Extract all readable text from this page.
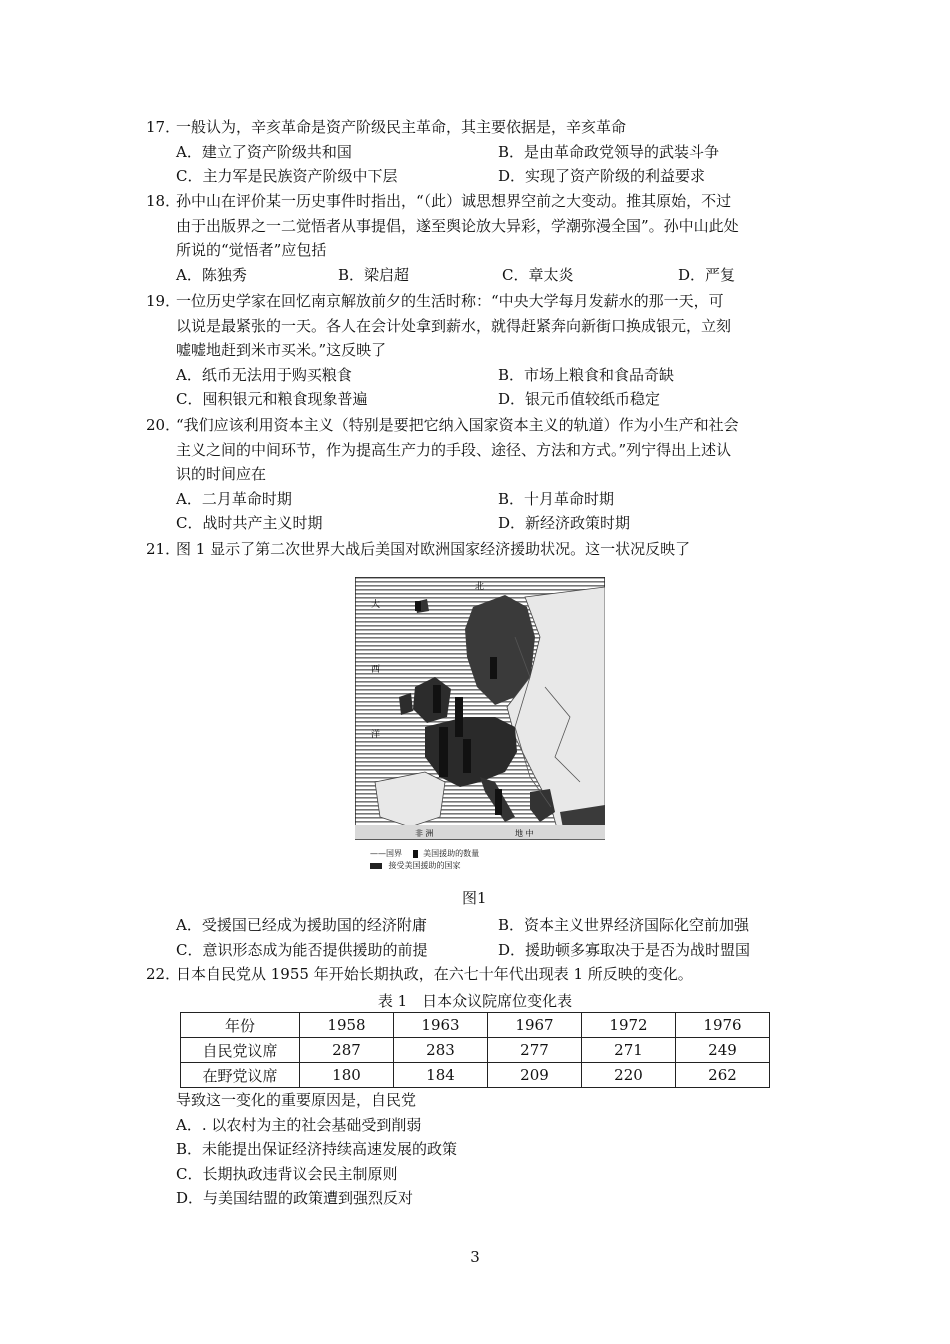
17．一般认为，辛亥革命是资产阶级民主革命，其主要依据是，辛亥革命
A．建立了资产阶级共和国	B．是由革命政党领导的武装斗争
C．主力军是民族资产阶级中下层	D．实现了资产阶级的利益要求
18．孙中山在评价某一历史事件时指出，“（此）诚思想界空前之大变动。推其原始，不过
由于出版界之一二觉悟者从事提倡，遂至舆论放大异彩，学潮弥漫全国”。孙中山此处
所说的“觉悟者”应包括
A．陈独秀	B．梁启超	C．章太炎	D．严复
19．一位历史学家在回忆南京解放前夕的生活时称：“中央大学每月发薪水的那一天，可
以说是最紧张的一天。各人在会计处拿到薪水，就得赶紧奔向新街口换成银元，立刻
嘘嘘地赶到米市买米。”这反映了
A．纸币无法用于购买粮食	B．市场上粮食和食品奇缺
C．囤积银元和粮食现象普遍	D．银元币值较纸币稳定
20．“我们应该利用资本主义（特别是要把它纳入国家资本主义的轨道）作为小生产和社会
主义之间的中间环节，作为提高生产力的手段、途径、方法和方式。”列宁得出上述认
识的时间应在
A．二月革命时期	B．十月革命时期
C．战时共产主义时期	D．新经济政策时期
21．图 1 显示了第二次世界大战后美国对欧洲国家经济援助状况。这一状况反映了
北
大
西
洋
非 洲	地 中
——国界	美国援助的数量
接受美国援助的国家
图1
A．受援国已经成为援助国的经济附庸	B．资本主义世界经济国际化空前加强
C．意识形态成为能否提供援助的前提	D．援助顿多寡取决于是否为战时盟国
22．日本自民党从 1955 年开始长期执政，在六七十年代出现表 1 所反映的变化。
表 1　日本众议院席位变化表
年份	1958	1963	1967	1972	1976
自民党议席	287	283	277	271	249
在野党议席	180	184	209	220	262
导致这一变化的重要原因是，自民党
A．. 以农村为主的社会基础受到削弱
B．未能提出保证经济持续高速发展的政策
C．长期执政违背议会民主制原则
D．与美国结盟的政策遭到强烈反对
3
